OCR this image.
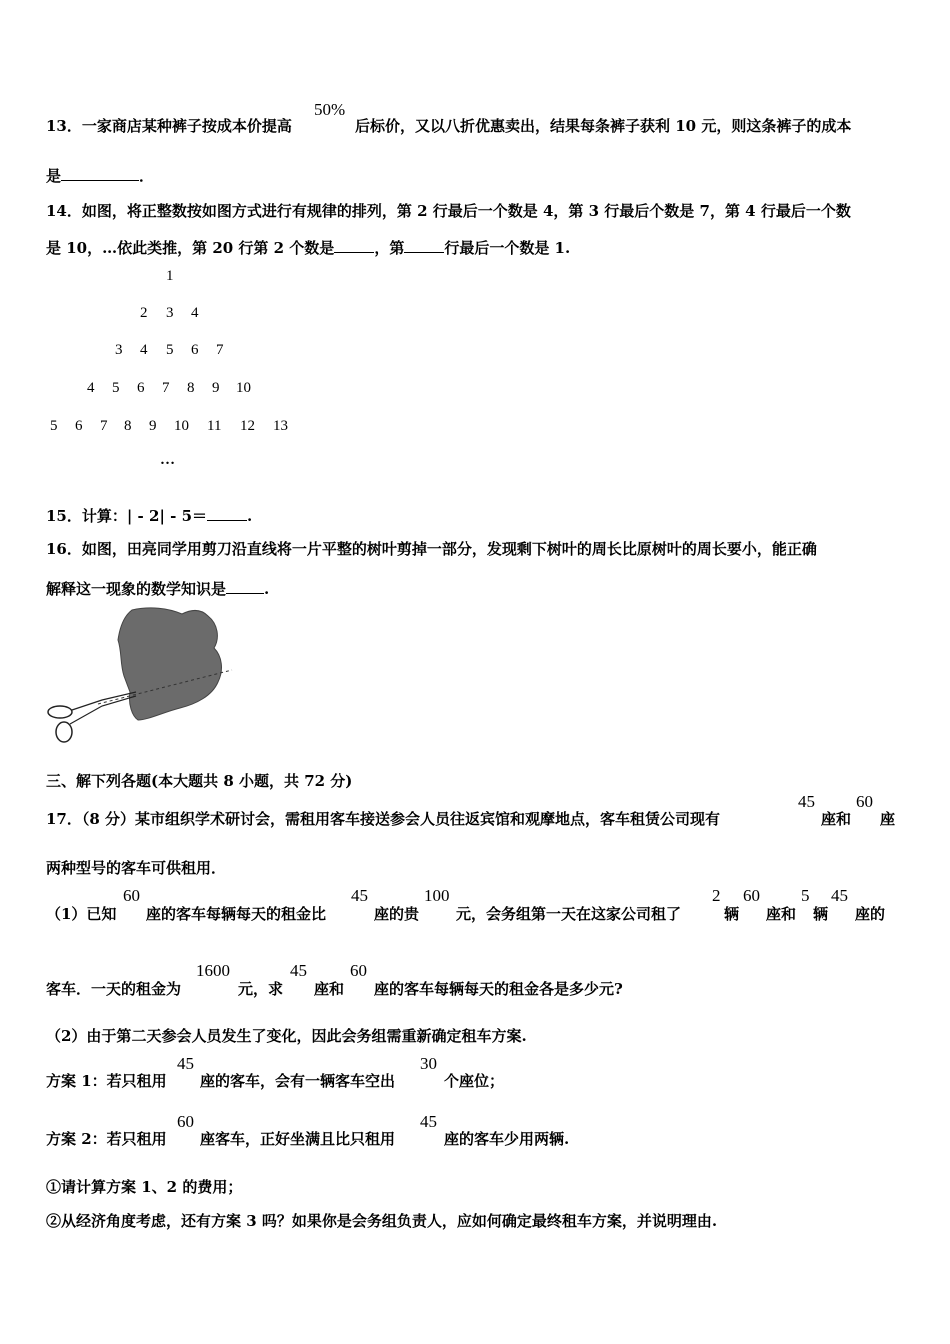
13．一家商店某种裤子按成本价提高
50%
后标价，又以八折优惠卖出，结果每条裤子获利 10 元，则这条裤子的成本
是	．
14．如图，将正整数按如图方式进行有规律的排列，第 2 行最后一个数是 4，第 3 行最后个数是 7，第 4 行最后一个数
是 10，…依此类推，第 20 行第 2 个数是	，第	行最后一个数是 1.
1
2 3 4
3 4 5 6 7
4 5 6 7 8 9 10
5 6 7 8 9 10 11 12 13
…
15．计算：| - 2| - 5＝	.
16．如图，田亮同学用剪刀沿直线将一片平整的树叶剪掉一部分，发现剩下树叶的周长比原树叶的周长要小，能正确
解释这一现象的数学知识是	.
三、解下列各题(本大题共 8 小题，共 72 分)
17．（8 分）某市组织学术研讨会，需租用客车接送参会人员往返宾馆和观摩地点，客车租赁公司现有
45
座和
60
座
两种型号的客车可供租用．
（1）已知
60
座的客车每辆每天的租金比
45
座的贵
100
元，会务组第一天在这家公司租了
2
辆
60
座和
5
辆
45
座的
客车．一天的租金为
1600
元，求
45
座和
60
座的客车每辆每天的租金各是多少元?
（2）由于第二天参会人员发生了变化，因此会务组需重新确定租车方案.
方案 1：若只租用
45
座的客车，会有一辆客车空出
30
个座位；
方案 2：若只租用
60
座客车，正好坐满且比只租用
45
座的客车少用两辆.
①请计算方案 1、2 的费用；
②从经济角度考虑，还有方案 3 吗？如果你是会务组负责人，应如何确定最终租车方案，并说明理由.
